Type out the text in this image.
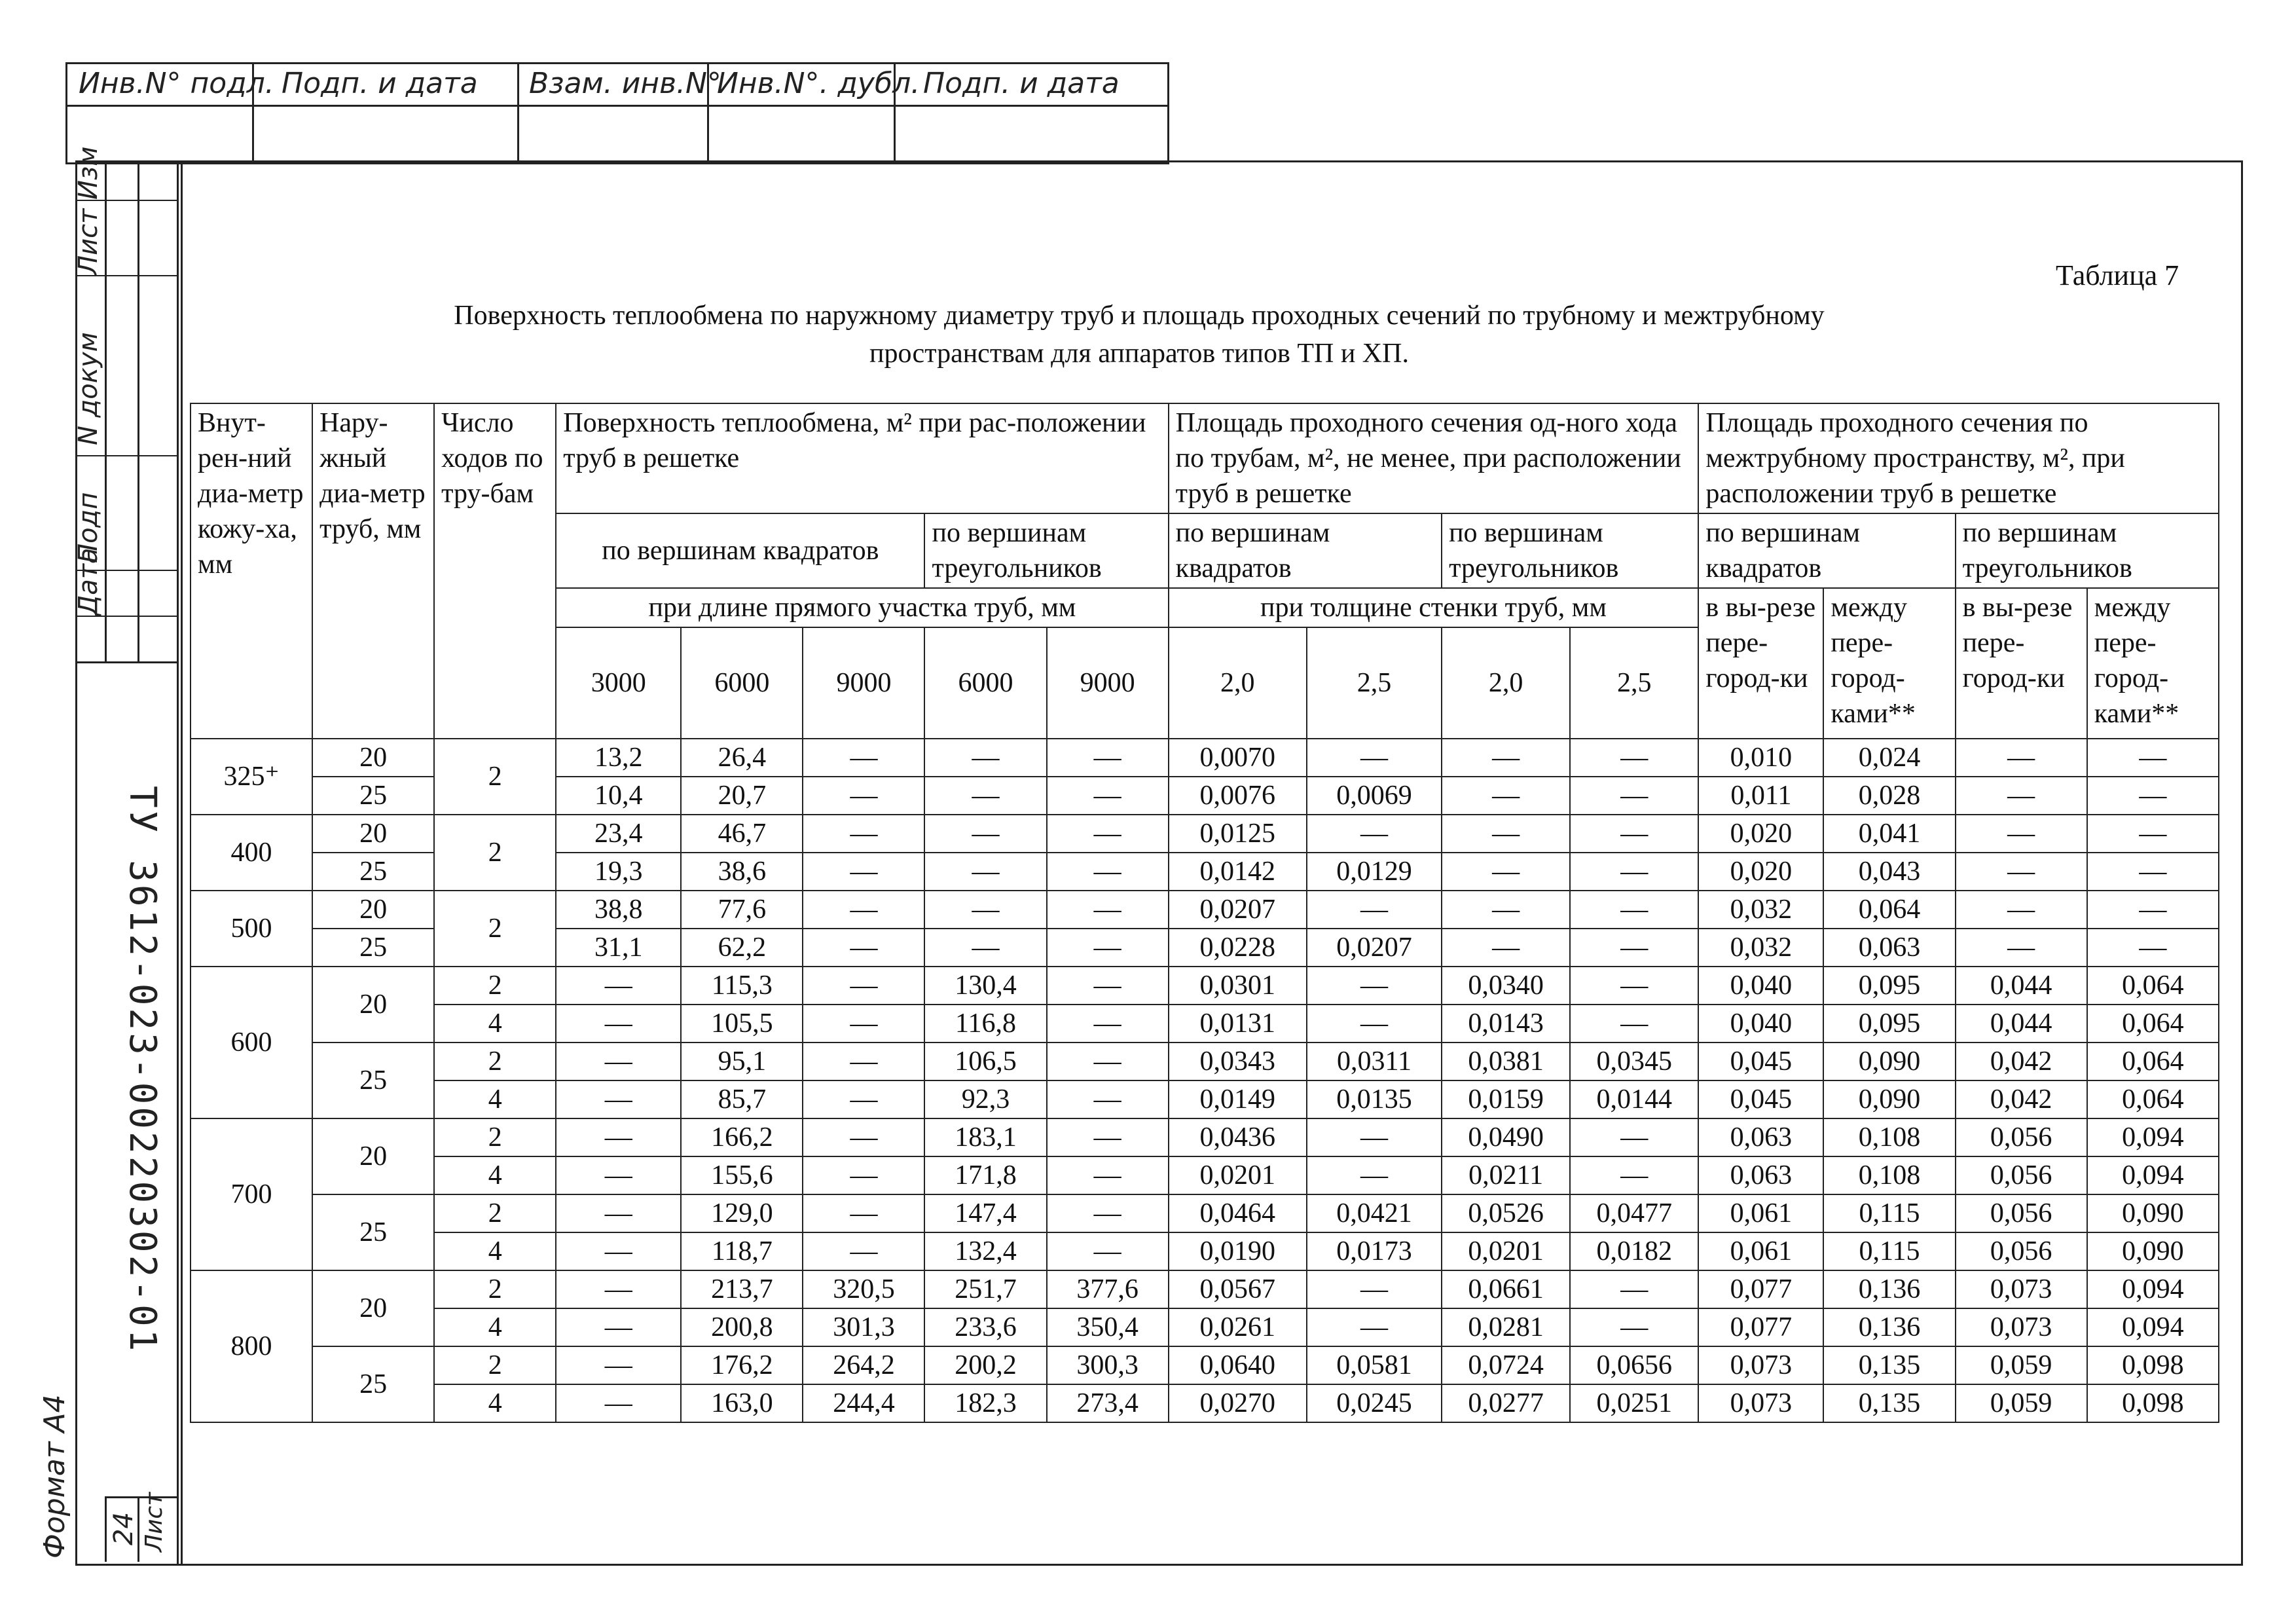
Инв.N° подл. Подп. и дата Взам. инв.N°
Инв.N°. дубл. Подп. и дата
Изм
Лист
N докум
Подп
Дата
Формат А4	Лист
24
ТУ 3612-023-00220302-01
Таблица 7
Поверхность теплообмена по наружному диаметру труб и площадь проходных сечений по трубному и межтрубному
пространствам для аппаратов типов ТП и ХП.
Внут-рен-ний диа-метр кожу-ха, мм	Нару-жный диа-метр труб, мм	Число ходов по тру-бам	Поверхность теплообмена, м² при рас-положении труб в решетке					Площадь проходного сечения од-ного хода по трубам, м², не менее, при расположении труб в решетке				Площадь проходного сечения по межтрубному пространству, м², при расположении труб в решетке			
			по вершинам квадратов			по вершинам треугольников		по вершинам квадратов		по вершинам треугольников		по вершинам квадратов		по вершинам треугольников	
			при длине прямого участка труб, мм					при толщине стенки труб, мм				в вы-резе пере-город-ки	между пере-город-ками**	в вы-резе пере-город-ки	между пере-город-ками**
			3000	6000	9000	6000	9000	2,0	2,5	2,0	2,5				
325⁺	20	2	13,2	26,4	—	—	—	0,0070	—	—	—	0,010	0,024	—	—
	25		10,4	20,7	—	—	—	0,0076	0,0069	—	—	0,011	0,028	—	—
400	20	2	23,4	46,7	—	—	—	0,0125	—	—	—	0,020	0,041	—	—
	25		19,3	38,6	—	—	—	0,0142	0,0129	—	—	0,020	0,043	—	—
500	20	2	38,8	77,6	—	—	—	0,0207	—	—	—	0,032	0,064	—	—
	25		31,1	62,2	—	—	—	0,0228	0,0207	—	—	0,032	0,063	—	—
600	20	2	—	115,3	—	130,4	—	0,0301	—	0,0340	—	0,040	0,095	0,044	0,064
		4	—	105,5	—	116,8	—	0,0131	—	0,0143	—	0,040	0,095	0,044	0,064
	25	2	—	95,1	—	106,5	—	0,0343	0,0311	0,0381	0,0345	0,045	0,090	0,042	0,064
		4	—	85,7	—	92,3	—	0,0149	0,0135	0,0159	0,0144	0,045	0,090	0,042	0,064
700	20	2	—	166,2	—	183,1	—	0,0436	—	0,0490	—	0,063	0,108	0,056	0,094
		4	—	155,6	—	171,8	—	0,0201	—	0,0211	—	0,063	0,108	0,056	0,094
	25	2	—	129,0	—	147,4	—	0,0464	0,0421	0,0526	0,0477	0,061	0,115	0,056	0,090
		4	—	118,7	—	132,4	—	0,0190	0,0173	0,0201	0,0182	0,061	0,115	0,056	0,090
800	20	2	—	213,7	320,5	251,7	377,6	0,0567	—	0,0661	—	0,077	0,136	0,073	0,094
		4	—	200,8	301,3	233,6	350,4	0,0261	—	0,0281	—	0,077	0,136	0,073	0,094
	25	2	—	176,2	264,2	200,2	300,3	0,0640	0,0581	0,0724	0,0656	0,073	0,135	0,059	0,098
		4	—	163,0	244,4	182,3	273,4	0,0270	0,0245	0,0277	0,0251	0,073	0,135	0,059	0,098
